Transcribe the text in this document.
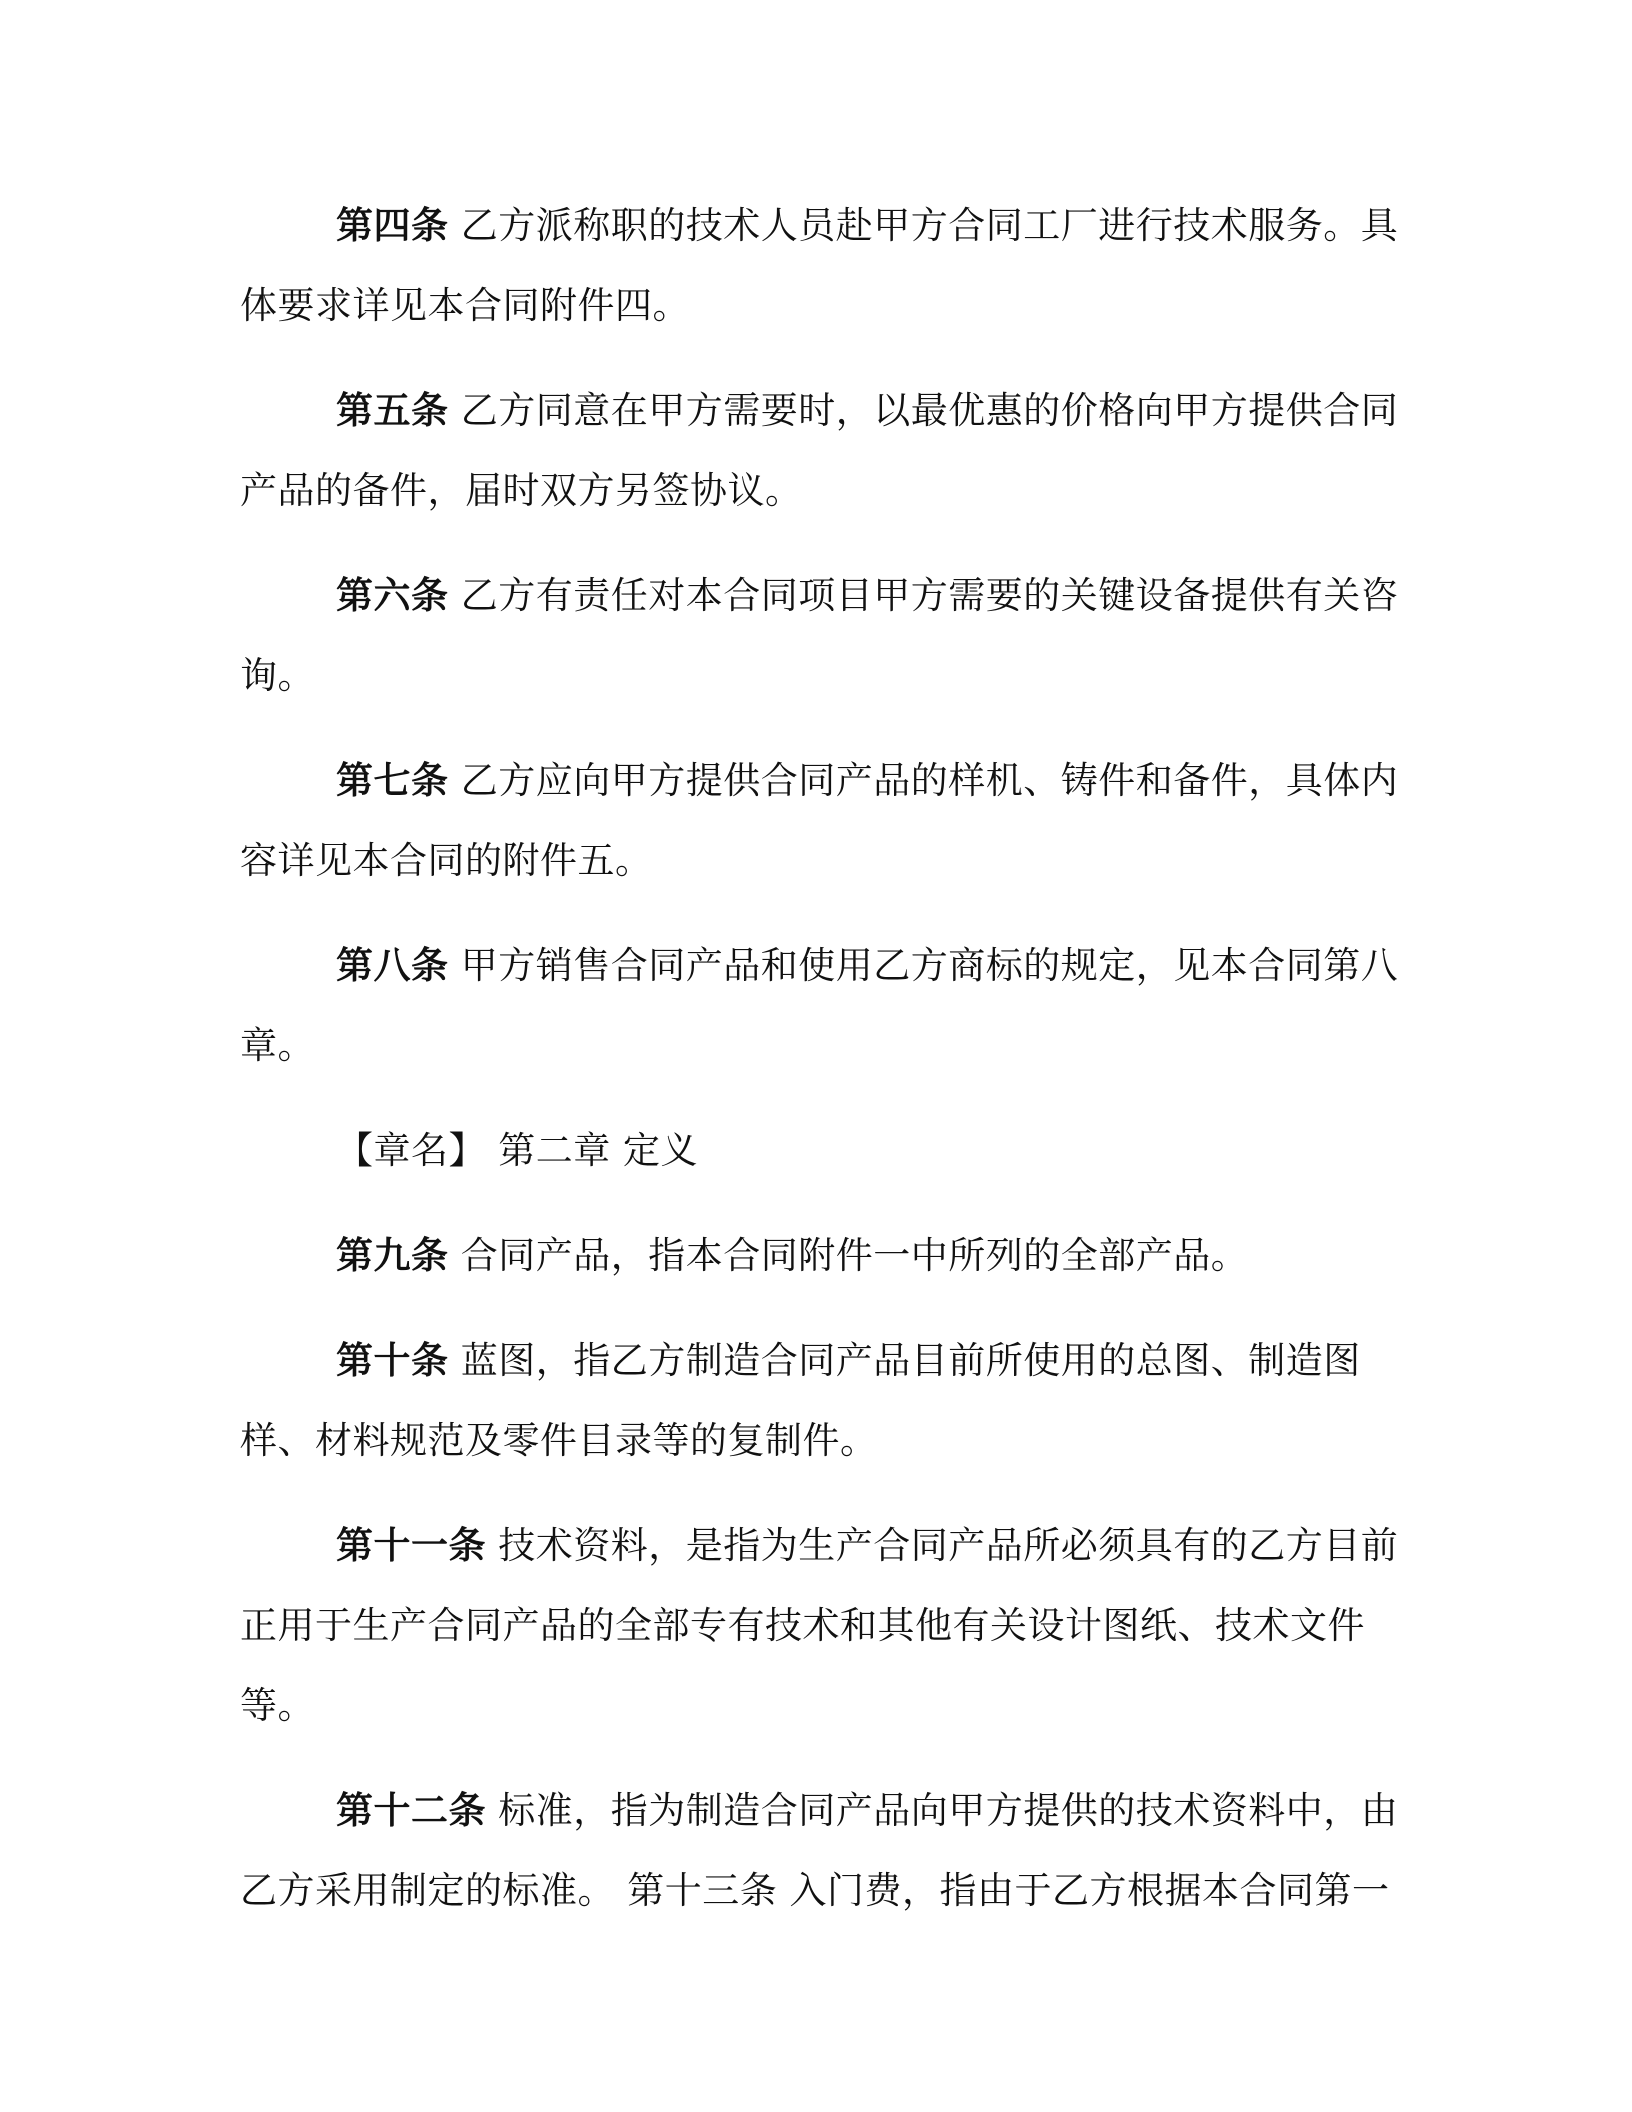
第四条 乙方派称职的技术人员赴甲方合同工厂进行技术服务。具体要求详见本合同附件四。

第五条 乙方同意在甲方需要时，以最优惠的价格向甲方提供合同产品的备件，届时双方另签协议。

第六条 乙方有责任对本合同项目甲方需要的关键设备提供有关咨询。

第七条 乙方应向甲方提供合同产品的样机、铸件和备件，具体内容详见本合同的附件五。

第八条 甲方销售合同产品和使用乙方商标的规定，见本合同第八章。

【章名】 第二章 定义

第九条 合同产品，指本合同附件一中所列的全部产品。

第十条 蓝图，指乙方制造合同产品目前所使用的总图、制造图样、材料规范及零件目录等的复制件。

第十一条 技术资料，是指为生产合同产品所必须具有的乙方目前正用于生产合同产品的全部专有技术和其他有关设计图纸、技术文件等。

第十二条 标准，指为制造合同产品向甲方提供的技术资料中，由乙方采用制定的标准。 第十三条 入门费，指由于乙方根据本合同第一
